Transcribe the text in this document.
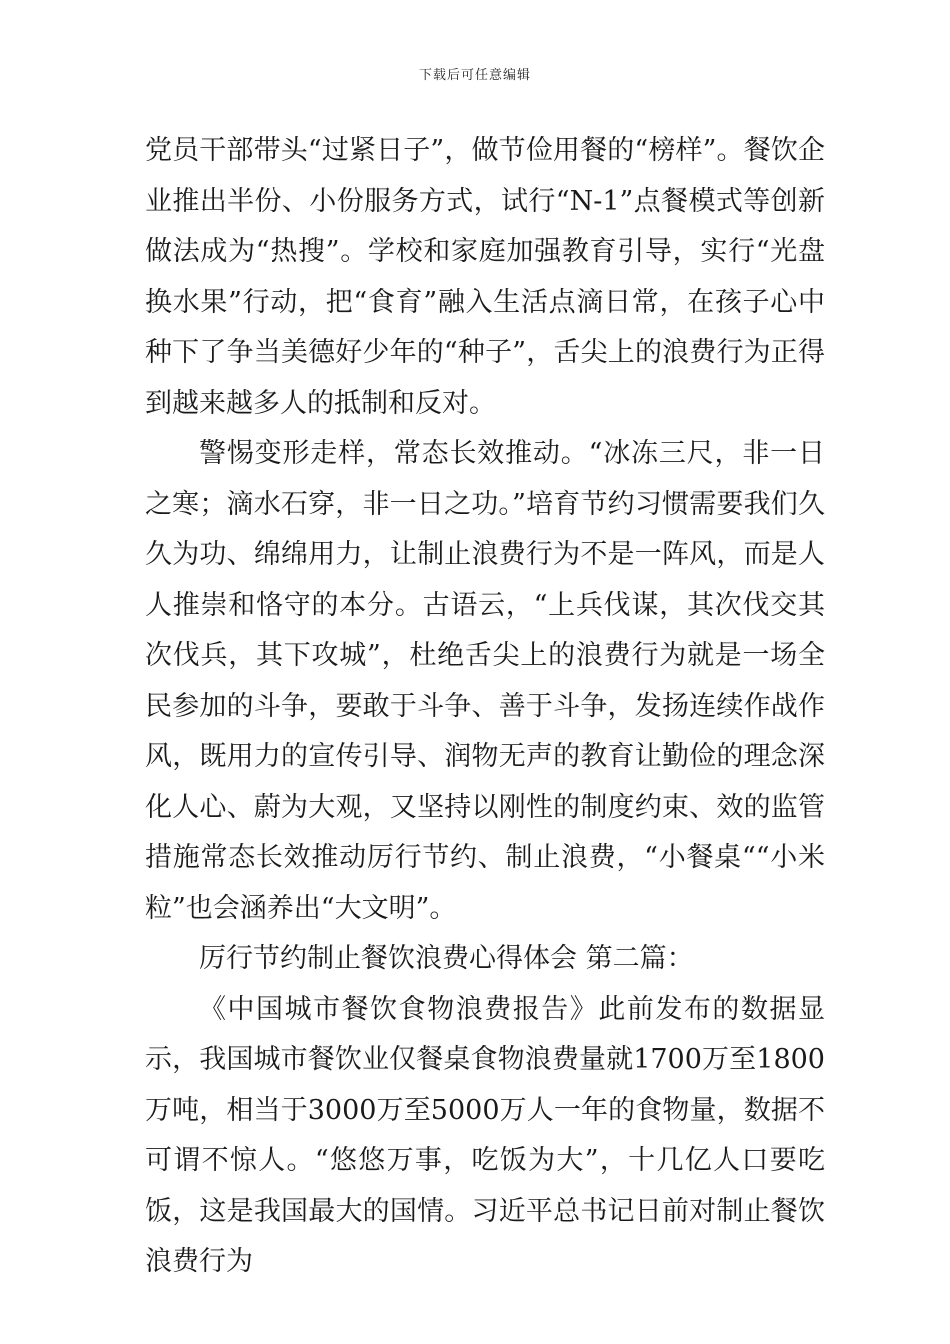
下载后可任意编辑

党员干部带头“过紧日子”，做节俭用餐的“榜样”。餐饮企业推出半份、小份服务方式，试行“N-1”点餐模式等创新做法成为“热搜”。学校和家庭加强教育引导，实行“光盘换水果”行动，把“食育”融入生活点滴日常，在孩子心中种下了争当美德好少年的“种子”，舌尖上的浪费行为正得到越来越多人的抵制和反对。

警惕变形走样，常态长效推动。“冰冻三尺，非一日之寒；滴水石穿，非一日之功。”培育节约习惯需要我们久久为功、绵绵用力，让制止浪费行为不是一阵风，而是人人推崇和恪守的本分。古语云，“上兵伐谋，其次伐交其次伐兵，其下攻城”，杜绝舌尖上的浪费行为就是一场全民参加的斗争，要敢于斗争、善于斗争，发扬连续作战作风，既用力的宣传引导、润物无声的教育让勤俭的理念深化人心、蔚为大观，又坚持以刚性的制度约束、效的监管措施常态长效推动厉行节约、制止浪费，“小餐桌““小米粒”也会涵养出“大文明”。

厉行节约制止餐饮浪费心得体会 第二篇：

《中国城市餐饮食物浪费报告》此前发布的数据显示，我国城市餐饮业仅餐桌食物浪费量就1700万至1800万吨，相当于3000万至5000万人一年的食物量，数据不可谓不惊人。“悠悠万事，吃饭为大”，十几亿人口要吃饭，这是我国最大的国情。习近平总书记日前对制止餐饮浪费行为
